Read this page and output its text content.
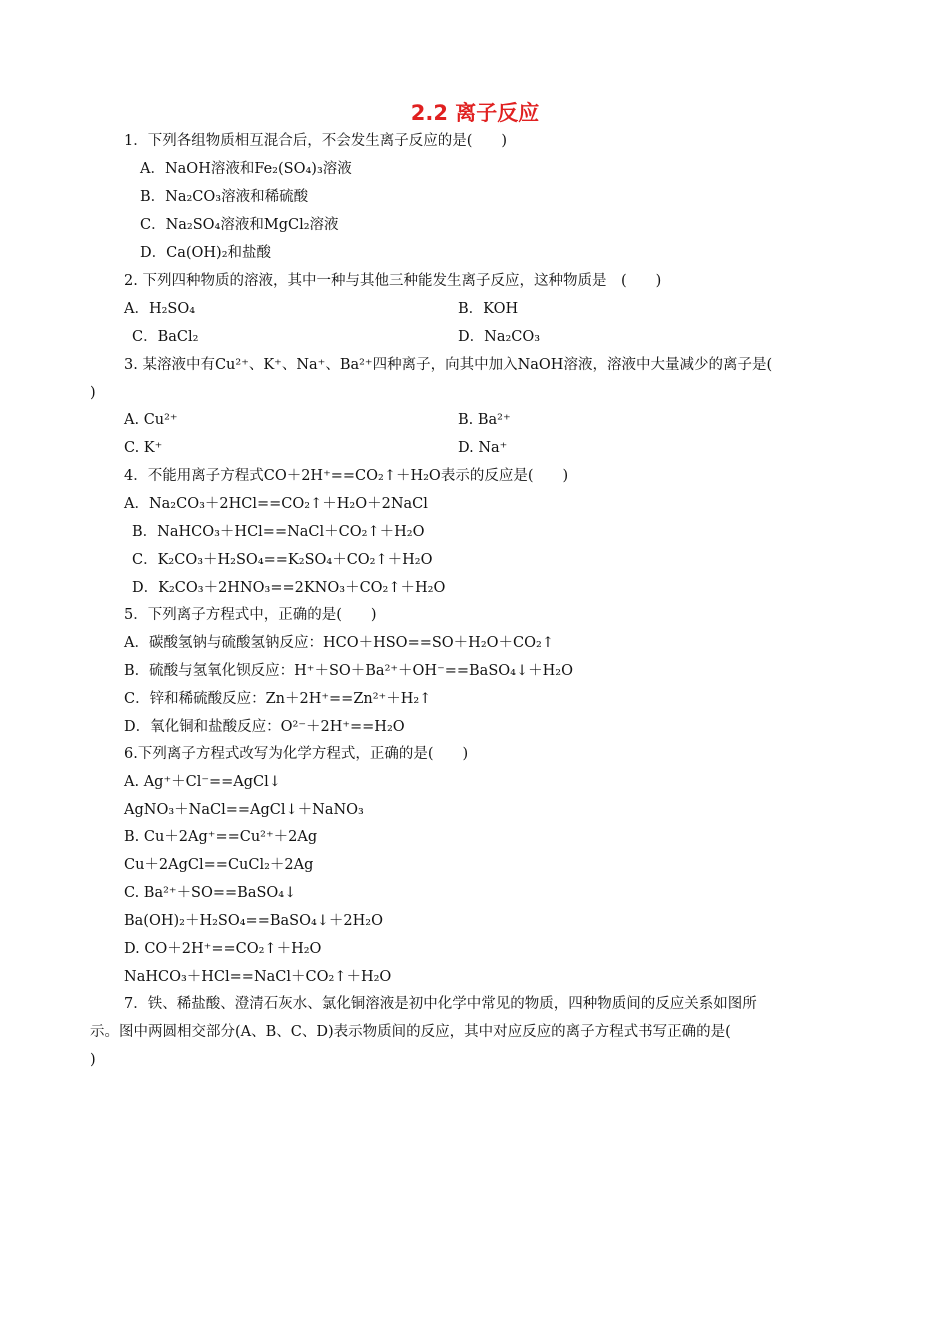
2.2 离子反应
1．下列各组物质相互混合后，不会发生离子反应的是(　　)
A．NaOH溶液和Fe₂(SO₄)₃溶液
B．Na₂CO₃溶液和稀硫酸
C．Na₂SO₄溶液和MgCl₂溶液
D．Ca(OH)₂和盐酸
2. 下列四种物质的溶液，其中一种与其他三种能发生离子反应，这种物质是　(　　)
A．H₂SO₄	B．KOH
C．BaCl₂	D．Na₂CO₃
3. 某溶液中有Cu²⁺、K⁺、Na⁺、Ba²⁺四种离子，向其中加入NaOH溶液，溶液中大量减少的离子是(
)
A. Cu²⁺	B. Ba²⁺
C. K⁺	D. Na⁺
4．不能用离子方程式CO＋2H⁺==CO₂↑＋H₂O表示的反应是(　　)
A．Na₂CO₃＋2HCl==CO₂↑＋H₂O＋2NaCl
B．NaHCO₃＋HCl==NaCl＋CO₂↑＋H₂O
C．K₂CO₃＋H₂SO₄==K₂SO₄＋CO₂↑＋H₂O
D．K₂CO₃＋2HNO₃==2KNO₃＋CO₂↑＋H₂O
5．下列离子方程式中，正确的是(　　)
A．碳酸氢钠与硫酸氢钠反应：HCO＋HSO==SO＋H₂O＋CO₂↑
B．硫酸与氢氧化钡反应：H⁺＋SO＋Ba²⁺＋OH⁻==BaSO₄↓＋H₂O
C．锌和稀硫酸反应：Zn＋2H⁺==Zn²⁺＋H₂↑
D．氧化铜和盐酸反应：O²⁻＋2H⁺==H₂O
6.下列离子方程式改写为化学方程式，正确的是(　　)
A. Ag⁺＋Cl⁻==AgCl↓
AgNO₃＋NaCl==AgCl↓＋NaNO₃
B. Cu＋2Ag⁺==Cu²⁺＋2Ag
Cu＋2AgCl==CuCl₂＋2Ag
C. Ba²⁺＋SO==BaSO₄↓
Ba(OH)₂＋H₂SO₄==BaSO₄↓＋2H₂O
D. CO＋2H⁺==CO₂↑＋H₂O
NaHCO₃＋HCl==NaCl＋CO₂↑＋H₂O
7．铁、稀盐酸、澄清石灰水、氯化铜溶液是初中化学中常见的物质，四种物质间的反应关系如图所
示。图中两圆相交部分(A、B、C、D)表示物质间的反应，其中对应反应的离子方程式书写正确的是(
)
